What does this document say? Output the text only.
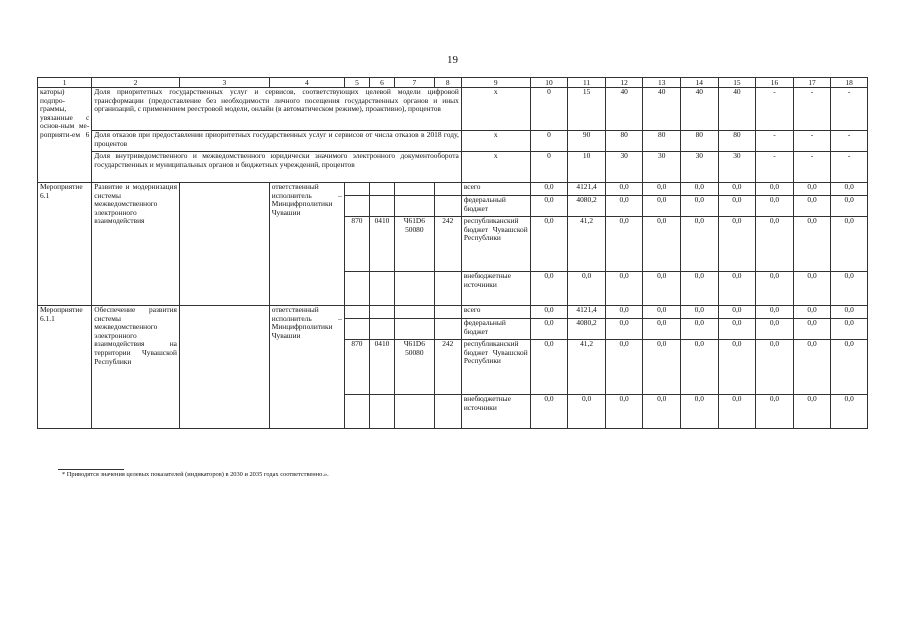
19
1	2	3	4	5	6	7	8	9	10	11	12	13	14	15	16	17	18
каторы) подпро-граммы, увязанные с основ-ным ме-роприяти-ем 6	Доля приоритетных государственных услуг и сервисов, соответствующих целевой модели цифровой трансформации (предоставление без необходимости личного посещения государственных органов и иных организаций, с применением реестровой модели, онлайн (в автоматическом режиме), проактивно), процентов							x	0	15	40	40	40	40	-	-	-
	Доля отказов при предоставлении приоритетных государственных услуг и сервисов от числа отказов в 2018 году, процентов							x	0	90	80	80	80	80	-	-	-
	Доля внутриведомственного и межведомственного юридически значимого электронного документооборота государственных и муниципальных органов и бюджетных учреждений, процентов							x	0	10	30	30	30	30	-	-	-
Мероприятие 6.1	Развитие и модернизация системы межведомственного электронного взаимодействия		ответственный исполнитель – Минцифрполитики Чувашии					всего	0,0	4121,4	0,0	0,0	0,0	0,0	0,0	0,0	0,0
								федеральный бюджет	0,0	4080,2	0,0	0,0	0,0	0,0	0,0	0,0	0,0
				870	0410	Ч61D6 50080	242	республиканский бюджет Чувашской Республики	0,0	41,2	0,0	0,0	0,0	0,0	0,0	0,0	0,0
								внебюджетные источники	0,0	0,0	0,0	0,0	0,0	0,0	0,0	0,0	0,0
Мероприятие 6.1.1	Обеспечение развития системы межведомственного электронного взаимодействия на территории Чувашской Республики		ответственный исполнитель – Минцифрполитики Чувашии					всего	0,0	4121,4	0,0	0,0	0,0	0,0	0,0	0,0	0,0
								федеральный бюджет	0,0	4080,2	0,0	0,0	0,0	0,0	0,0	0,0	0,0
				870	0410	Ч61D6 50080	242	республиканский бюджет Чувашской Республики	0,0	41,2	0,0	0,0	0,0	0,0	0,0	0,0	0,0
								внебюджетные источники	0,0	0,0	0,0	0,0	0,0	0,0	0,0	0,0	0,0
* Приводятся значения целевых показателей (индикаторов) в 2030 и 2035 годах соответственно.».
